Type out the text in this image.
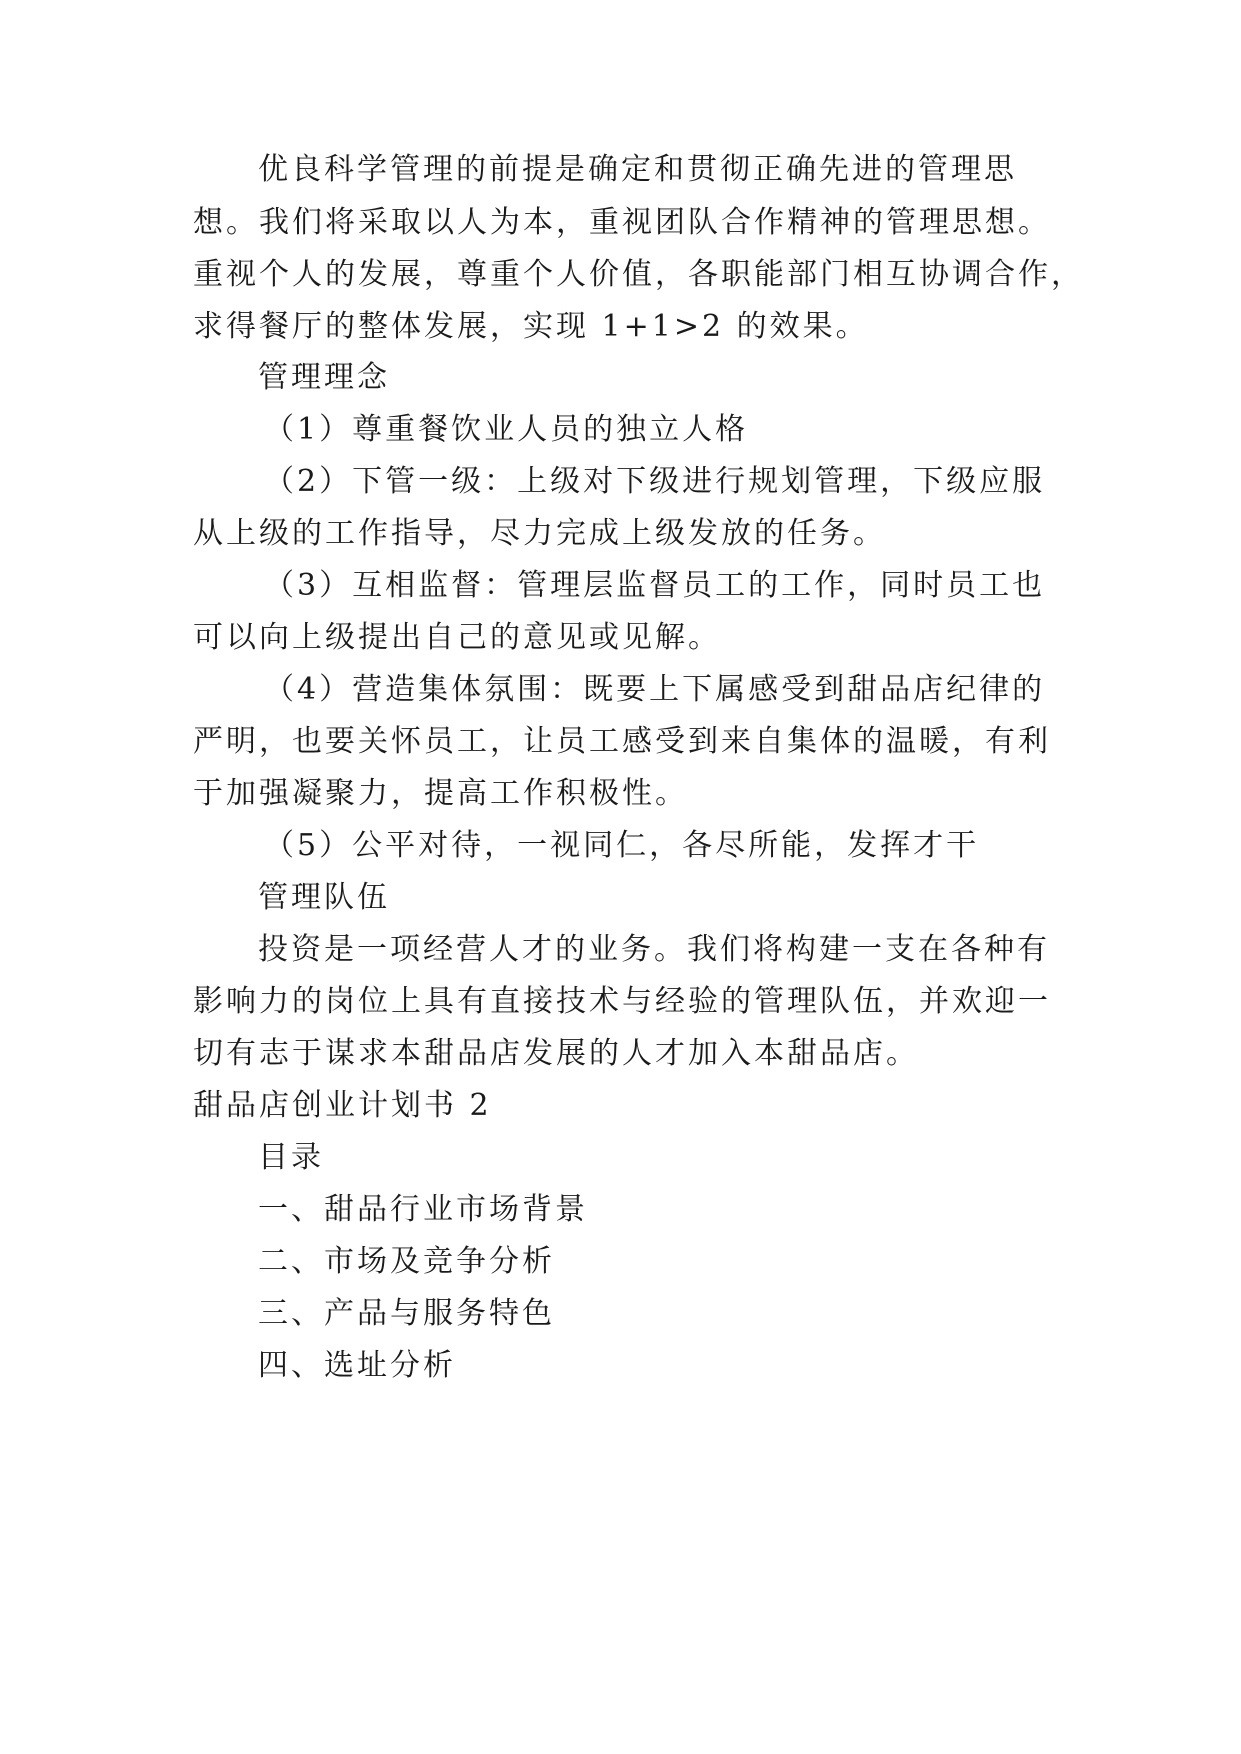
优良科学管理的前提是确定和贯彻正确先进的管理思
想。我们将采取以人为本，重视团队合作精神的管理思想。
重视个人的发展，尊重个人价值，各职能部门相互协调合作，
求得餐厅的整体发展，实现 1+1>2 的效果。
管理理念
（1）尊重餐饮业人员的独立人格
（2）下管一级：上级对下级进行规划管理，下级应服
从上级的工作指导，尽力完成上级发放的任务。
（3）互相监督：管理层监督员工的工作，同时员工也
可以向上级提出自己的意见或见解。
（4）营造集体氛围：既要上下属感受到甜品店纪律的
严明，也要关怀员工，让员工感受到来自集体的温暖，有利
于加强凝聚力，提高工作积极性。
（5）公平对待，一视同仁，各尽所能，发挥才干
管理队伍
投资是一项经营人才的业务。我们将构建一支在各种有
影响力的岗位上具有直接技术与经验的管理队伍，并欢迎一
切有志于谋求本甜品店发展的人才加入本甜品店。
甜品店创业计划书 2
目录
一、甜品行业市场背景
二、市场及竞争分析
三、产品与服务特色
四、选址分析
